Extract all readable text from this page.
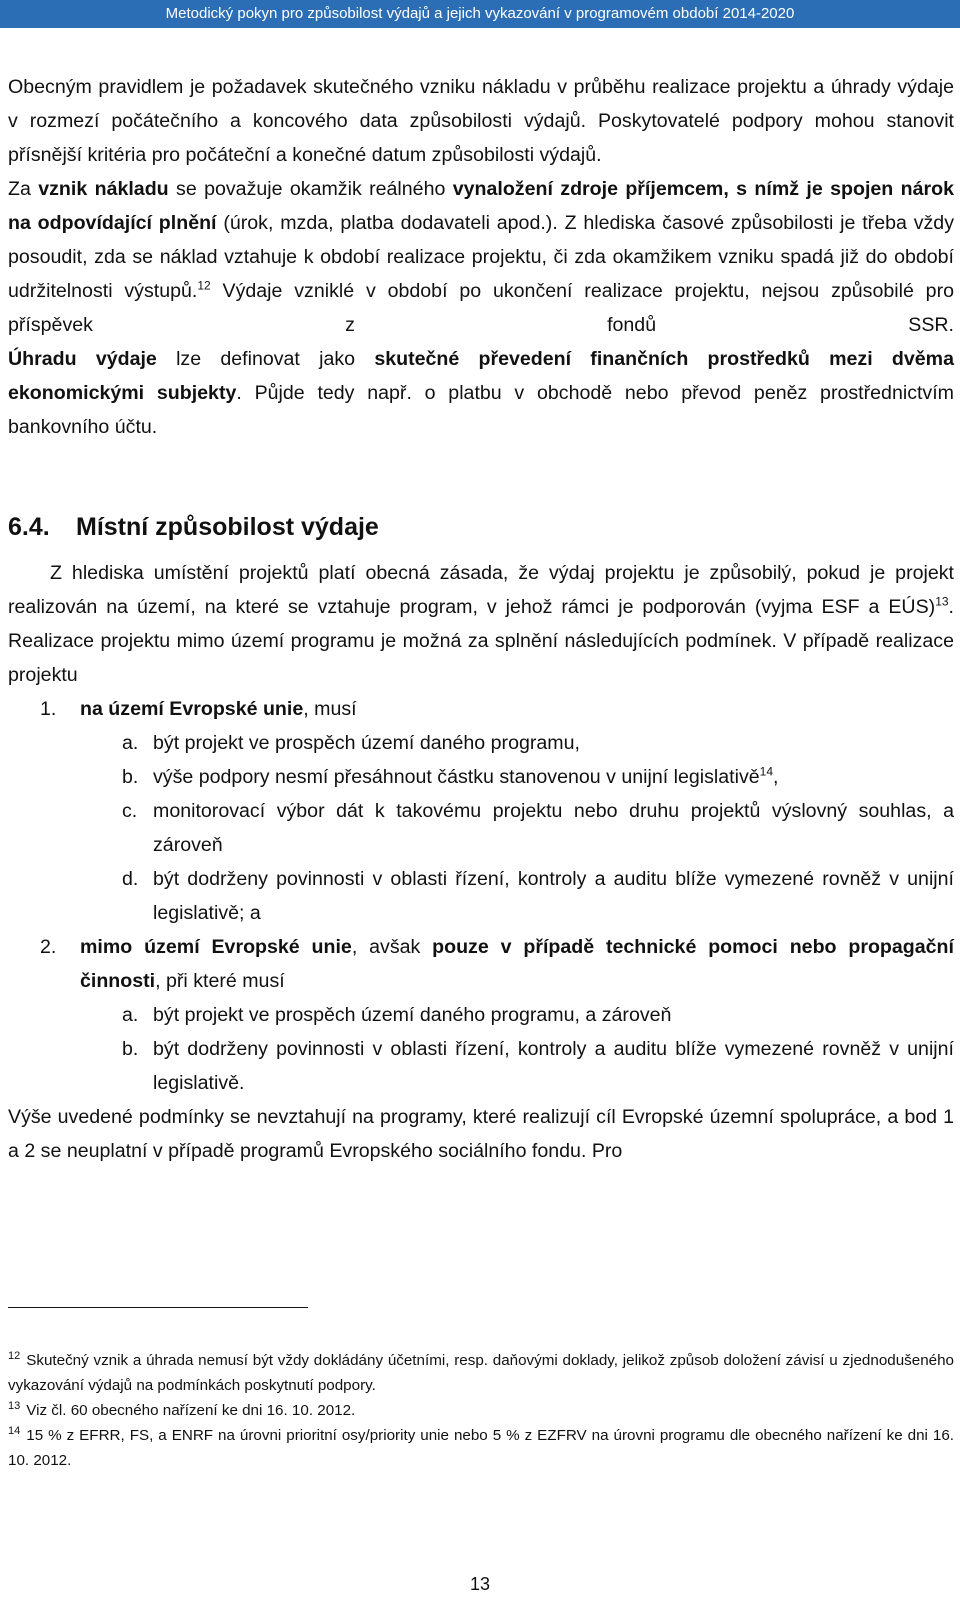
Metodický pokyn pro způsobilost výdajů a jejich vykazování v programovém období 2014-2020

Obecným pravidlem je požadavek skutečného vzniku nákladu v průběhu realizace projektu a úhrady výdaje v rozmezí počátečního a koncového data způsobilosti výdajů. Poskytovatelé podpory mohou stanovit přísnější kritéria pro počáteční a konečné datum způsobilosti výdajů.

Za vznik nákladu se považuje okamžik reálného vynaložení zdroje příjemcem, s nímž je spojen nárok na odpovídající plnění (úrok, mzda, platba dodavateli apod.). Z hlediska časové způsobilosti je třeba vždy posoudit, zda se náklad vztahuje k období realizace projektu, či zda okamžikem vzniku spadá již do období udržitelnosti výstupů.$^{12}$ Výdaje vzniklé v období po ukončení realizace projektu, nejsou způsobilé pro příspěvek z fondů SSR.

Úhradu výdaje lze definovat jako skutečné převedení finančních prostředků mezi dvěma ekonomickými subjekty. Půjde tedy např. o platbu v obchodě nebo převod peněz prostřednictvím bankovního účtu.

6.4.	Místní způsobilost výdaje

Z hlediska umístění projektů platí obecná zásada, že výdaj projektu je způsobilý, pokud je projekt realizován na území, na které se vztahuje program, v jehož rámci je podporován (vyjma ESF a EÚS)$^{13}$. Realizace projektu mimo území programu je možná za splnění následujících podmínek. V případě realizace projektu

1. na území Evropské unie, musí

a. být projekt ve prospěch území daného programu,

b. výše podpory nesmí přesáhnout částku stanovenou v unijní legislativě$^{14}$,

c. monitorovací výbor dát k takovému projektu nebo druhu projektů výslovný souhlas, a zároveň

d. být dodrženy povinnosti v oblasti řízení, kontroly a auditu blíže vymezené rovněž v unijní legislativě; a

2. mimo území Evropské unie, avšak pouze v případě technické pomoci nebo propagační činnosti, při které musí

a. být projekt ve prospěch území daného programu, a zároveň

b. být dodrženy povinnosti v oblasti řízení, kontroly a auditu blíže vymezené rovněž v unijní legislativě.

Výše uvedené podmínky se nevztahují na programy, které realizují cíl Evropské územní spolupráce, a bod 1 a 2 se neuplatní v případě programů Evropského sociálního fondu. Pro

$^{12}$ Skutečný vznik a úhrada nemusí být vždy dokládány účetními, resp. daňovými doklady, jelikož způsob doložení závisí u zjednodušeného vykazování výdajů na podmínkách poskytnutí podpory.

$^{13}$ Viz čl. 60 obecného nařízení ke dni 16. 10. 2012.

$^{14}$ 15 % z EFRR, FS, a ENRF na úrovni prioritní osy/priority unie nebo 5 % z EZFRV na úrovni programu dle obecného nařízení ke dni 16. 10. 2012.

13
